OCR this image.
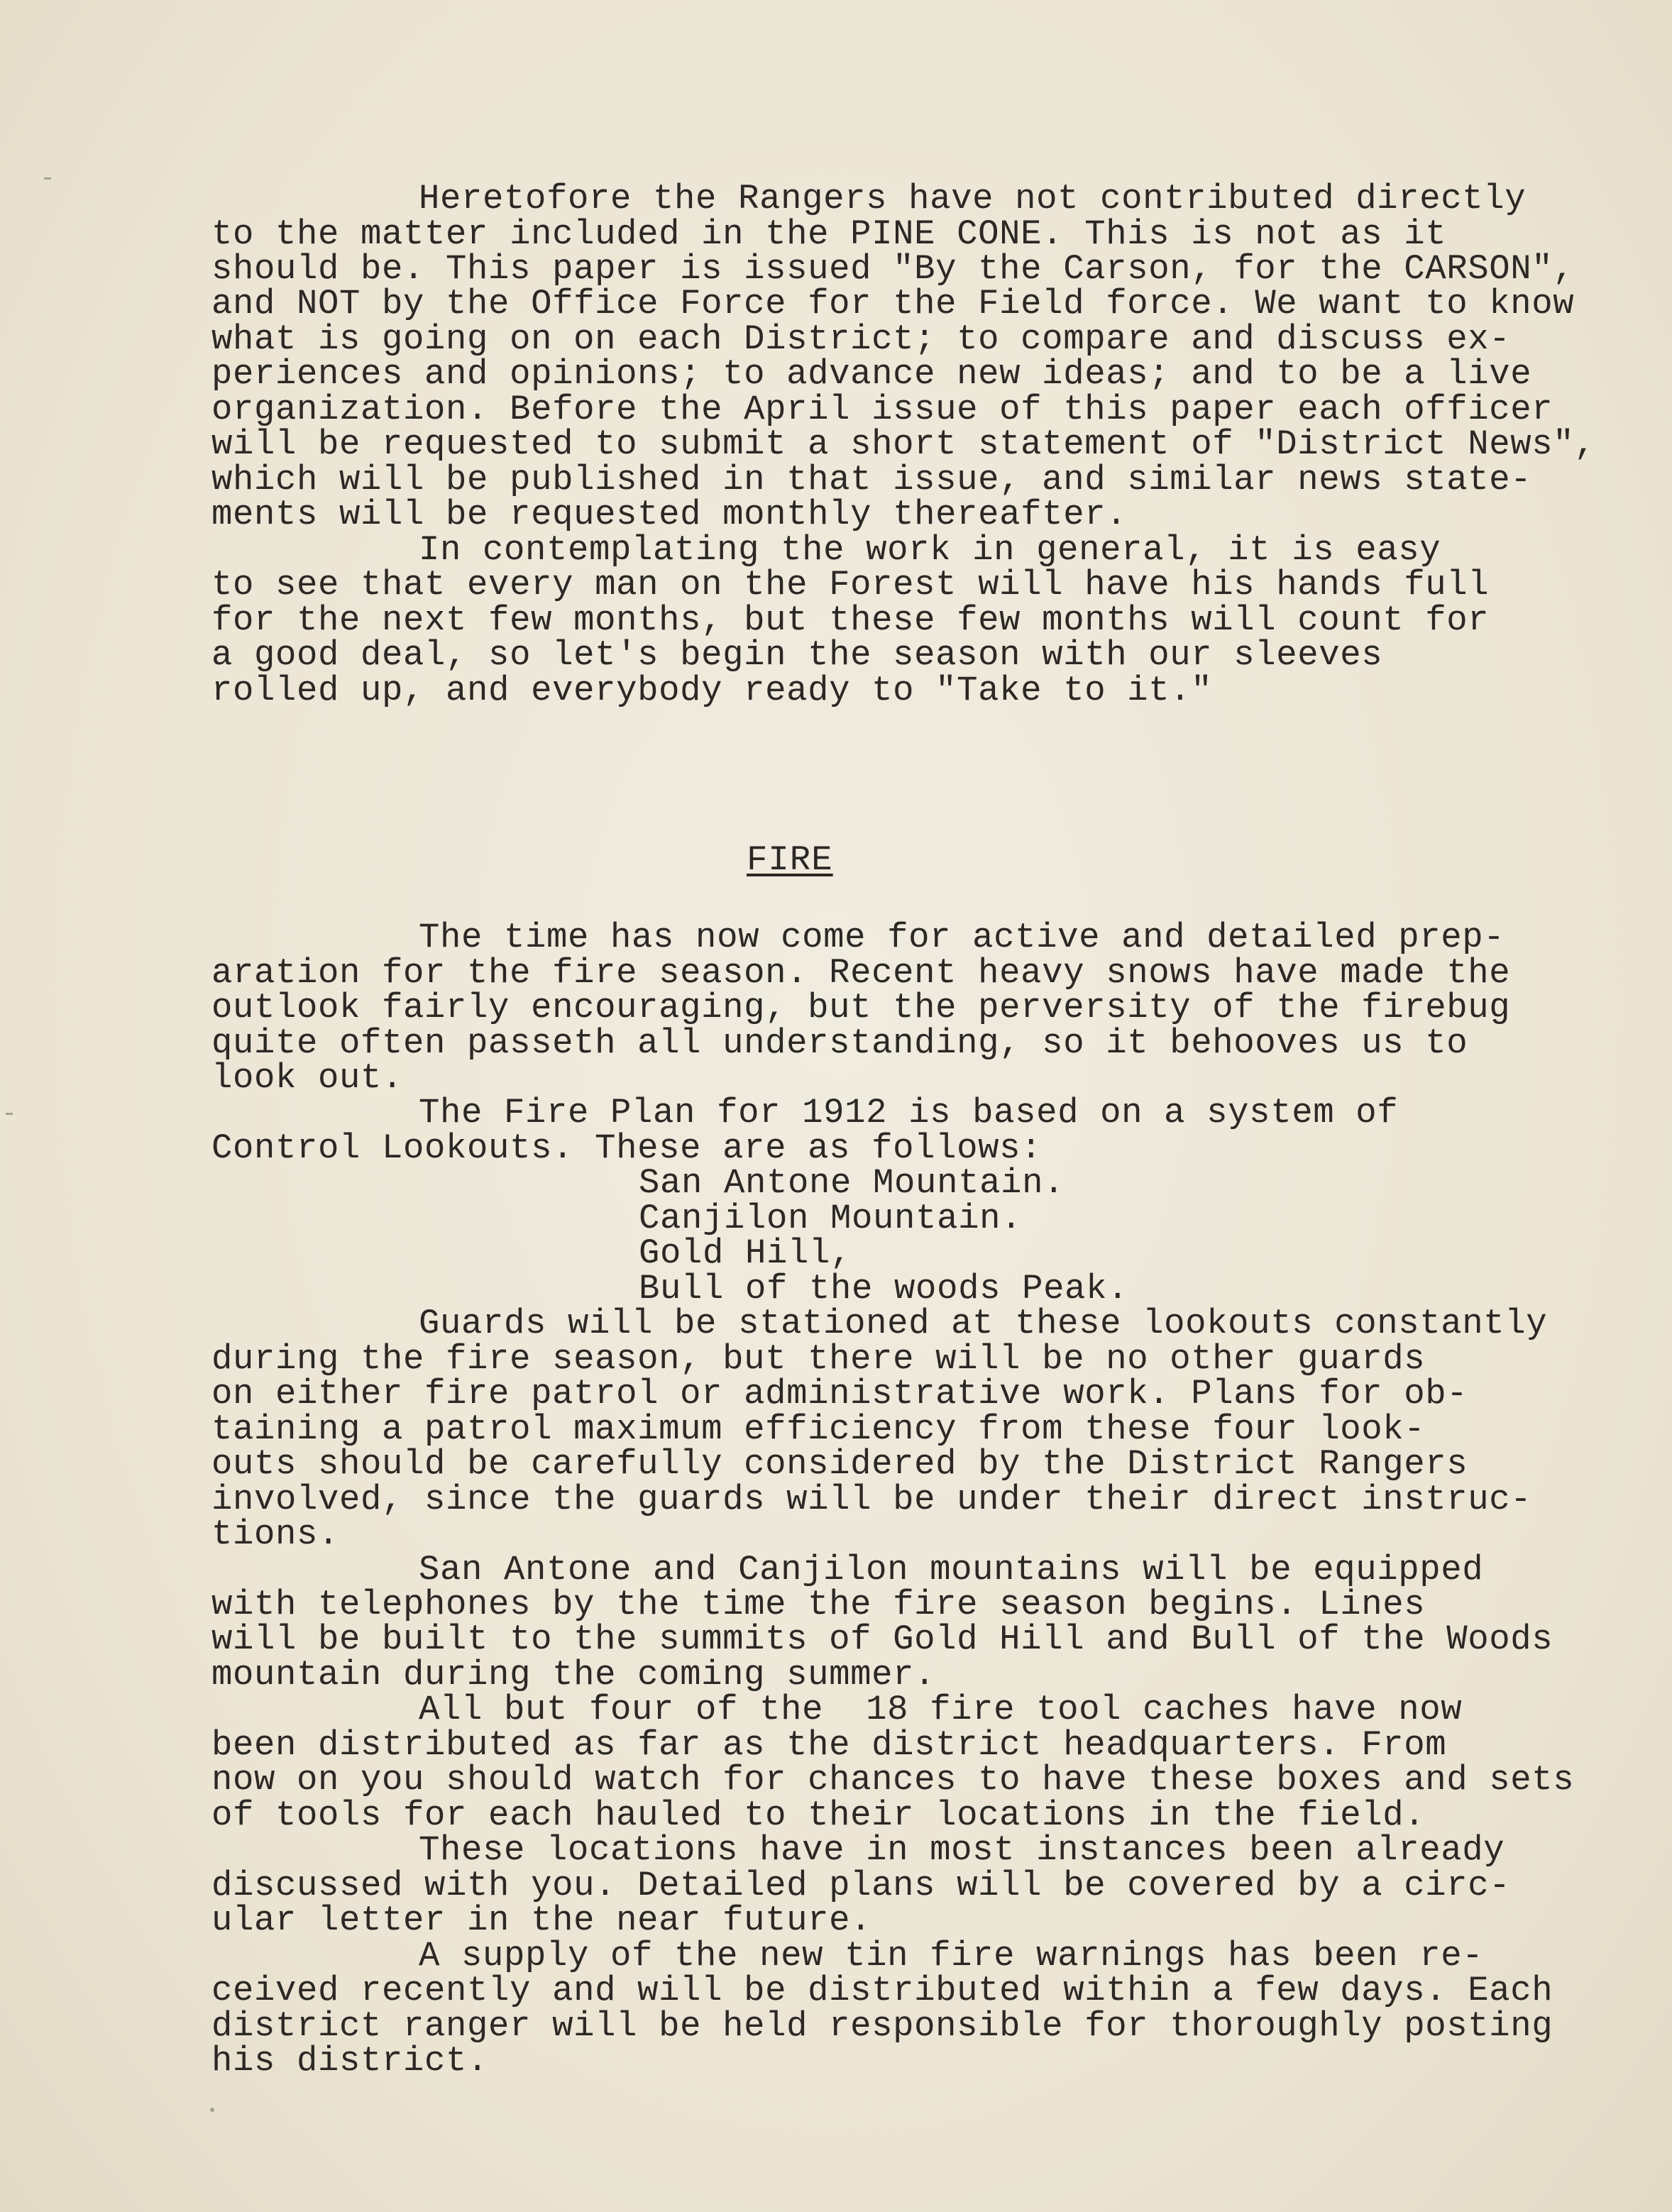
Heretofore the Rangers have not contributed directly
to the matter included in the PINE CONE. This is not as it
should be. This paper is issued "By the Carson, for the CARSON",
and NOT by the Office Force for the Field force. We want to know
what is going on on each District; to compare and discuss ex-
periences and opinions; to advance new ideas; and to be a live
organization. Before the April issue of this paper each officer
will be requested to submit a short statement of "District News",
which will be published in that issue, and similar news state-
ments will be requested monthly thereafter.
In contemplating the work in general, it is easy
to see that every man on the Forest will have his hands full
for the next few months, but these few months will count for
a good deal, so let's begin the season with our sleeves
rolled up, and everybody ready to "Take to it."
FIRE
The time has now come for active and detailed prep-
aration for the fire season. Recent heavy snows have made the
outlook fairly encouraging, but the perversity of the firebug
quite often passeth all understanding, so it behooves us to
look out.
The Fire Plan for 1912 is based on a system of
Control Lookouts. These are as follows:
San Antone Mountain.
Canjilon Mountain.
Gold Hill,
Bull of the woods Peak.
Guards will be stationed at these lookouts constantly
during the fire season, but there will be no other guards
on either fire patrol or administrative work. Plans for ob-
taining a patrol maximum efficiency from these four look-
outs should be carefully considered by the District Rangers
involved, since the guards will be under their direct instruc-
tions.
San Antone and Canjilon mountains will be equipped
with telephones by the time the fire season begins. Lines
will be built to the summits of Gold Hill and Bull of the Woods
mountain during the coming summer.
All but four of the  18 fire tool caches have now
been distributed as far as the district headquarters. From
now on you should watch for chances to have these boxes and sets
of tools for each hauled to their locations in the field.
These locations have in most instances been already
discussed with you. Detailed plans will be covered by a circ-
ular letter in the near future.
A supply of the new tin fire warnings has been re-
ceived recently and will be distributed within a few days. Each
district ranger will be held responsible for thoroughly posting
his district.
